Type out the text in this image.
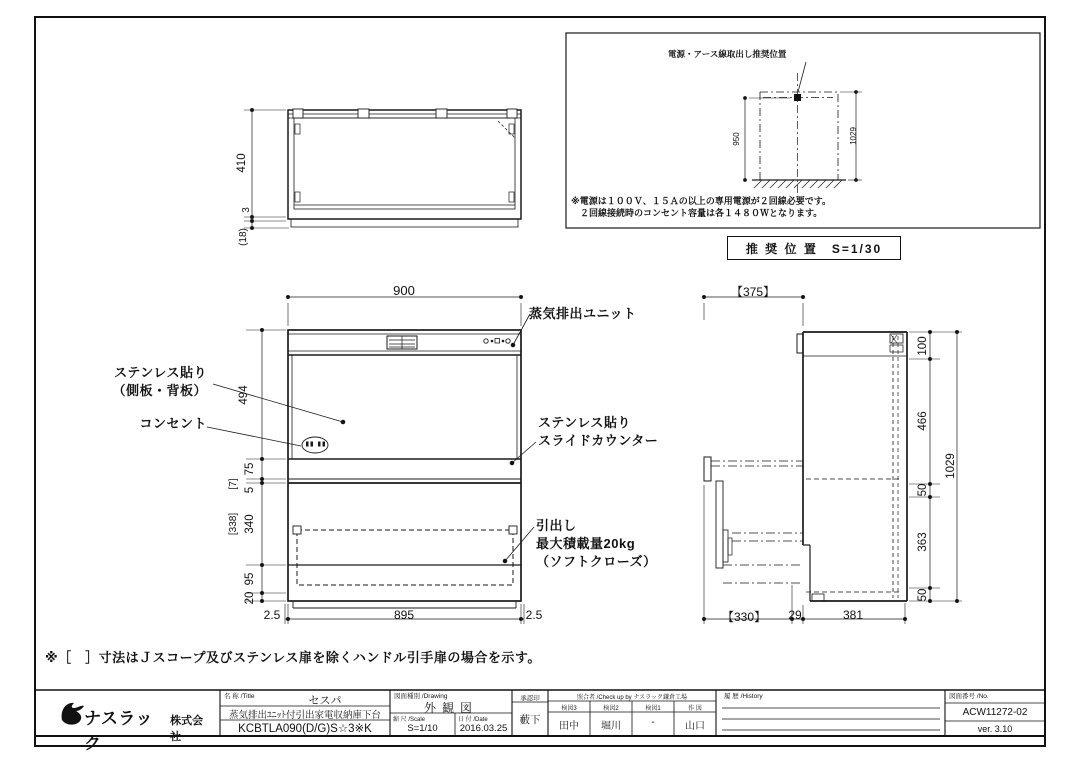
410
3
(18)
電源・アース線取出し推奨位置
950	1029
※電源は１００Ｖ、１５Ａの以上の専用電源が２回線必要です。
　２回線接続時のコンセント容量は各１４８０Ｗとなります。
推 奨 位 置　S=1/30
900
494
75
5
[7]
340
[338]
95
20
2.5	895	2.5
ステンレス貼り
（側板・背板）
コンセント
蒸気排出ユニット
ステンレス貼り
スライドカウンター
引出し
最大積載量20kg
（ソフトクローズ）
【375】
100
466
1029
50
363
50
【330】	29	381
※［　］寸法はＪスコープ及びステンレス扉を除くハンドル引手扉の場合を示す。
ナスラック
株式会社
名 称 /Title	セスパ
蒸気排出ﾕﾆｯﾄ付引出家電収納庫下台
KCBTLA090(D/G)S☆3※K
図面種別 /Drawing
外観図
縮 尺 /Scale
S=1/10
日 付 /Date
2016.03.25
承認印
藪下
照合者 /Check up by ナスラック鎌倉工場
検図3	検図2	検図1	作 図
田中	堀川	-	山口
履 歴 /History	図面番号 /No.
ACW11272-02
ver. 3.10
